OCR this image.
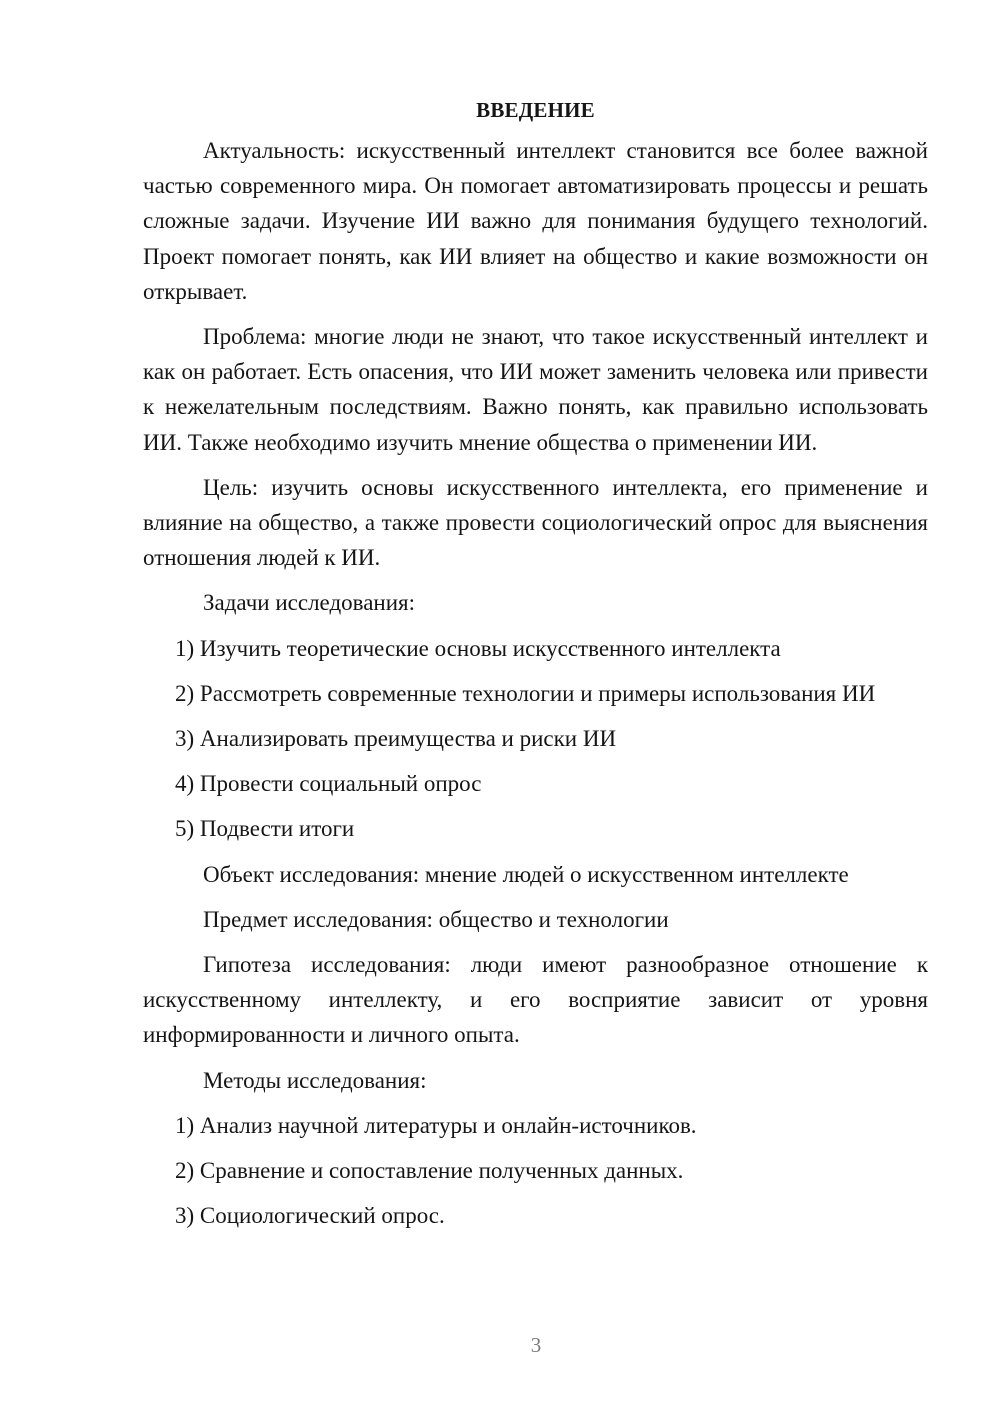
ВВЕДЕНИЕ

Актуальность: искусственный интеллект становится все более важной частью современного мира. Он помогает автоматизировать процессы и решать сложные задачи. Изучение ИИ важно для понимания будущего технологий. Проект помогает понять, как ИИ влияет на общество и какие возможности он открывает.

Проблема: многие люди не знают, что такое искусственный интеллект и как он работает. Есть опасения, что ИИ может заменить человека или привести к нежелательным последствиям. Важно понять, как правильно использовать ИИ. Также необходимо изучить мнение общества о применении ИИ.

Цель: изучить основы искусственного интеллекта, его применение и влияние на общество, а также провести социологический опрос для выяснения отношения людей к ИИ.

Задачи исследования:

1) Изучить теоретические основы искусственного интеллекта

2) Рассмотреть современные технологии и примеры использования ИИ

3) Анализировать преимущества и риски ИИ

4) Провести социальный опрос

5) Подвести итоги

Объект исследования: мнение людей о искусственном интеллекте

Предмет исследования: общество и технологии

Гипотеза исследования: люди имеют разнообразное отношение к искусственному интеллекту, и его восприятие зависит от уровня информированности и личного опыта.

Методы исследования:

1) Анализ научной литературы и онлайн-источников.

2) Сравнение и сопоставление полученных данных.

3) Социологический опрос.

3
